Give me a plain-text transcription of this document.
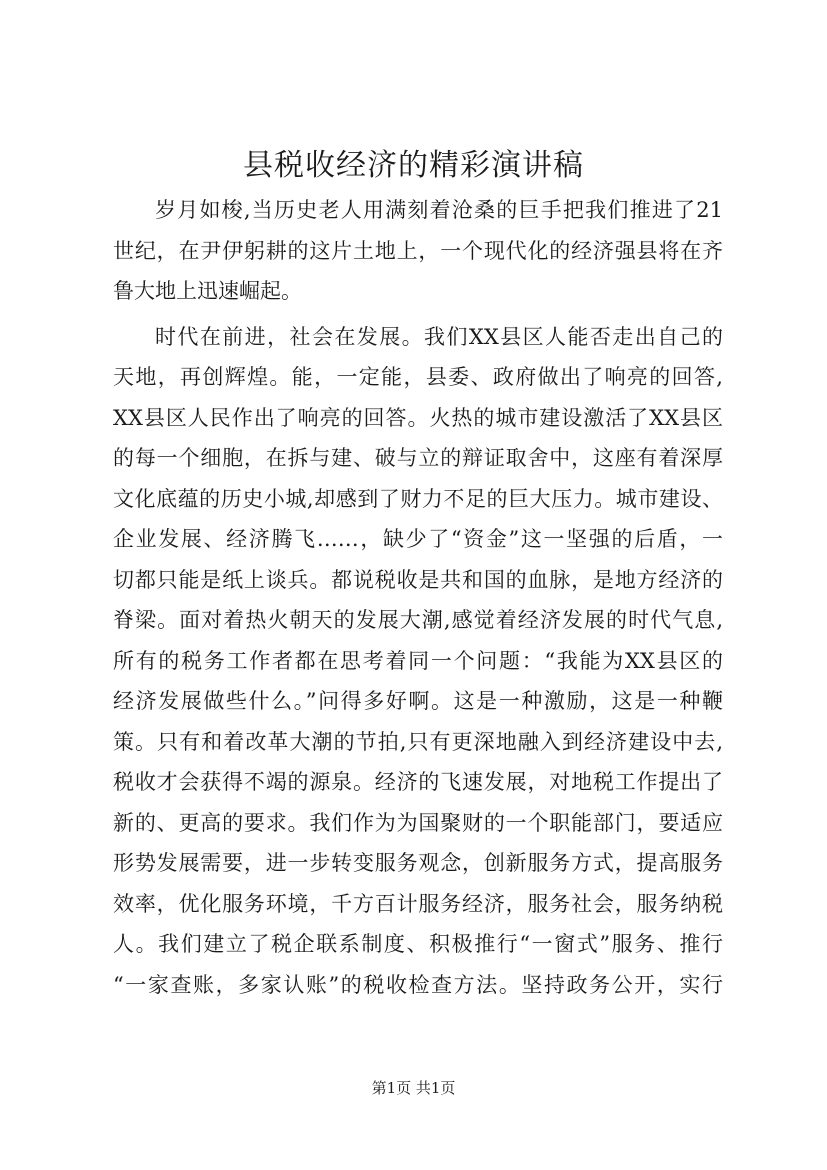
县税收经济的精彩演讲稿
岁月如梭,当历史老人用满刻着沧桑的巨手把我们推进了21
世纪，在尹伊躬耕的这片土地上，一个现代化的经济强县将在齐
鲁大地上迅速崛起。
时代在前进，社会在发展。我们XX县区人能否走出自己的
天地，再创辉煌。能，一定能，县委、政府做出了响亮的回答,
XX县区人民作出了响亮的回答。火热的城市建设激活了XX县区
的每一个细胞，在拆与建、破与立的辩证取舍中，这座有着深厚
文化底蕴的历史小城,却感到了财力不足的巨大压力。城市建设、
企业发展、经济腾飞……，缺少了“资金”这一坚强的后盾，一
切都只能是纸上谈兵。都说税收是共和国的血脉，是地方经济的
脊梁。面对着热火朝天的发展大潮,感觉着经济发展的时代气息,
所有的税务工作者都在思考着同一个问题：“我能为XX县区的
经济发展做些什么。”问得多好啊。这是一种激励，这是一种鞭
策。只有和着改革大潮的节拍,只有更深地融入到经济建设中去,
税收才会获得不竭的源泉。经济的飞速发展，对地税工作提出了
新的、更高的要求。我们作为为国聚财的一个职能部门，要适应
形势发展需要，进一步转变服务观念，创新服务方式，提高服务
效率，优化服务环境，千方百计服务经济，服务社会，服务纳税
人。我们建立了税企联系制度、积极推行“一窗式”服务、推行
“一家查账，多家认账”的税收检查方法。坚持政务公开，实行
第1页 共1页
